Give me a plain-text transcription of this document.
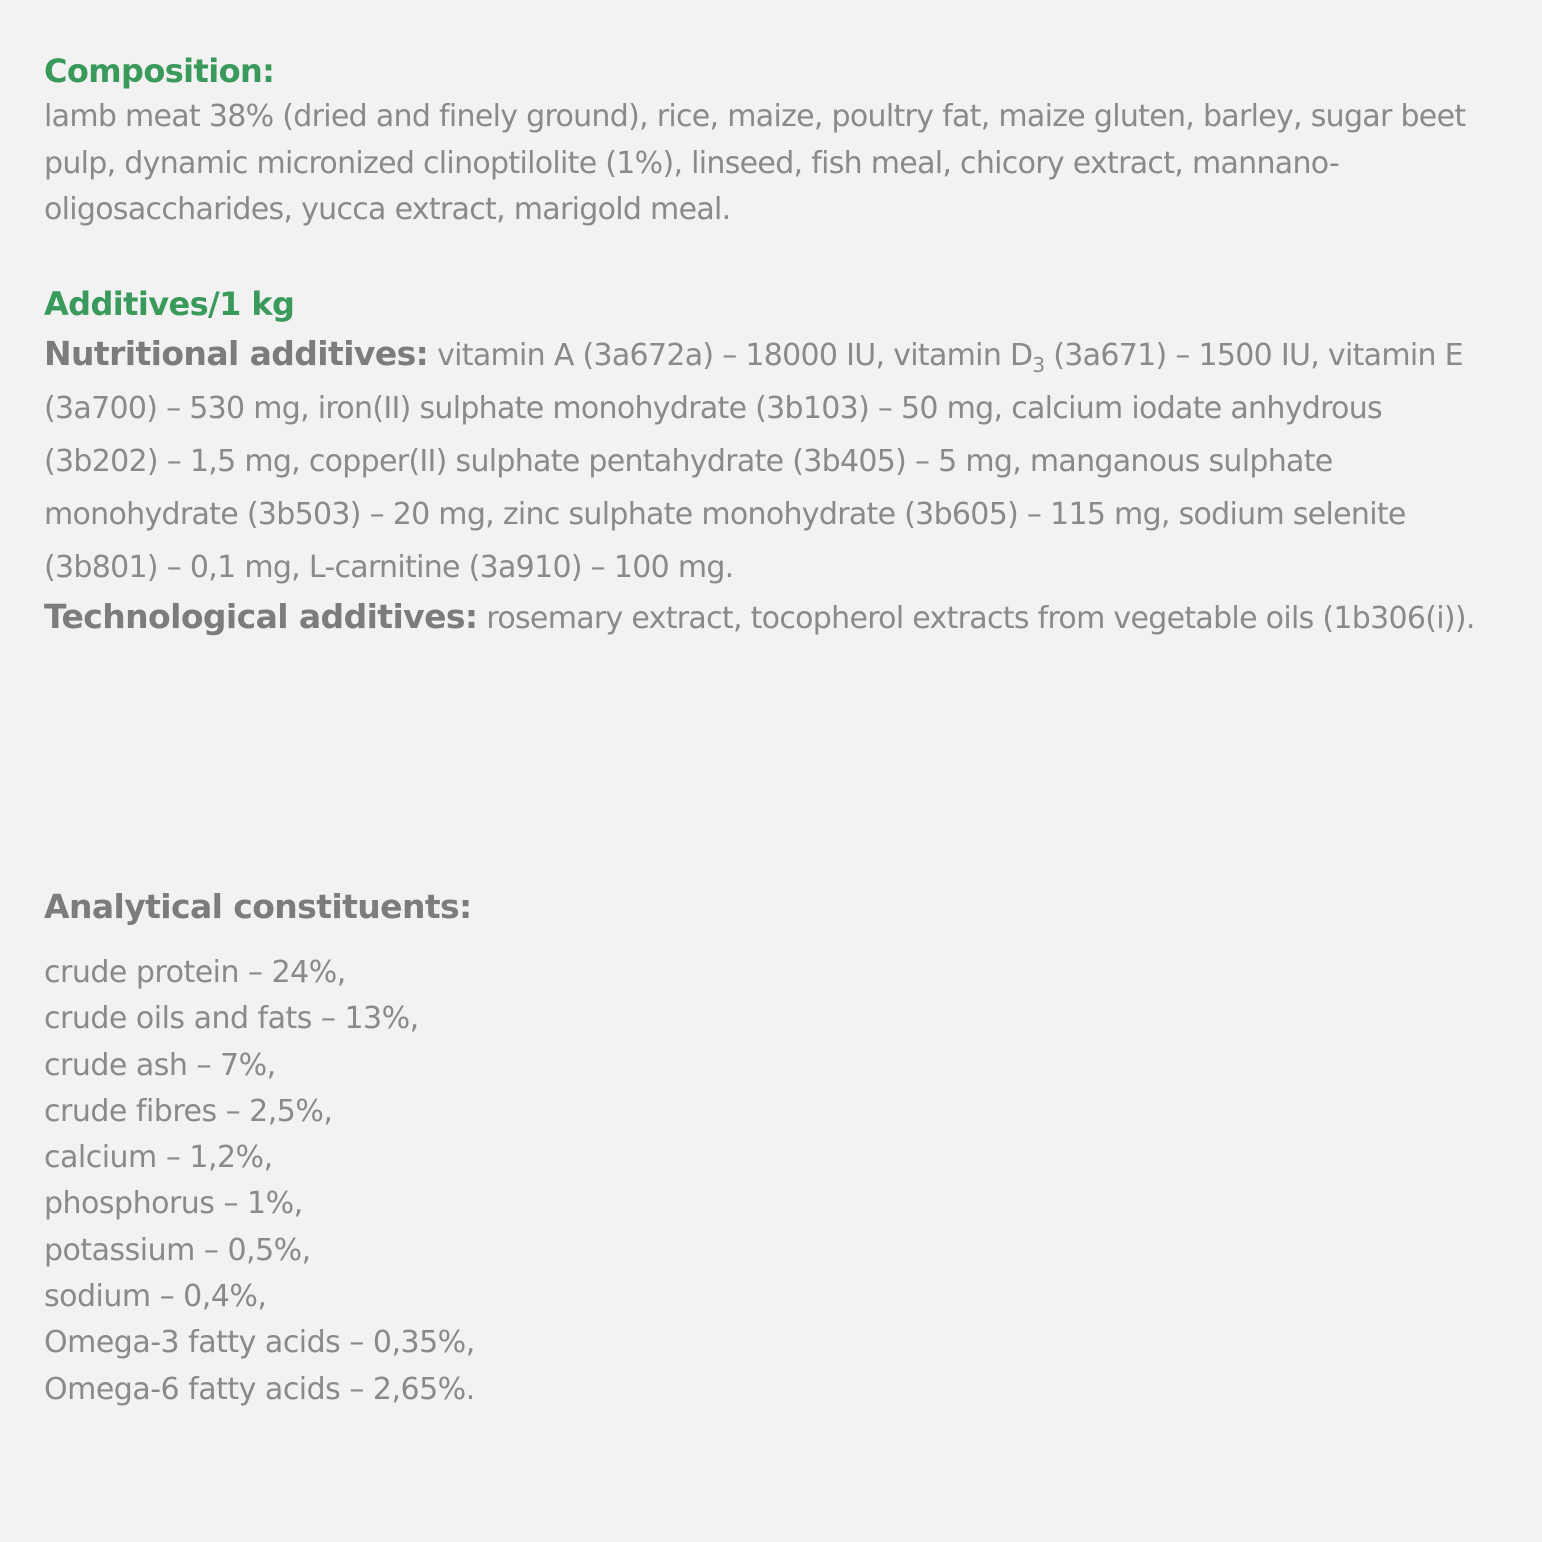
Composition:
lamb meat 38% (dried and finely ground), rice, maize, poultry fat, maize gluten, barley, sugar beet pulp, dynamic micronized clinoptilolite (1%), linseed, fish meal, chicory extract, mannano-oligosaccharides, yucca extract, marigold meal.
Additives/1 kg
Nutritional additives: vitamin A (3a672a) – 18000 IU, vitamin $D_3$ (3a671) – 1500 IU, vitamin E (3a700) – 530 mg, iron(II) sulphate monohydrate (3b103) – 50 mg, calcium iodate anhydrous (3b202) – 1,5 mg, copper(II) sulphate pentahydrate (3b405) – 5 mg, manganous sulphate monohydrate (3b503) – 20 mg, zinc sulphate monohydrate (3b605) – 115 mg, sodium selenite (3b801) – 0,1 mg, L-carnitine (3a910) – 100 mg.
Technological additives: rosemary extract, tocopherol extracts from vegetable oils (1b306(i)).
Analytical constituents:
crude protein – 24%,
crude oils and fats – 13%,
crude ash – 7%,
crude fibres – 2,5%,
calcium – 1,2%,
phosphorus – 1%,
potassium – 0,5%,
sodium – 0,4%,
Omega-3 fatty acids – 0,35%,
Omega-6 fatty acids – 2,65%.
